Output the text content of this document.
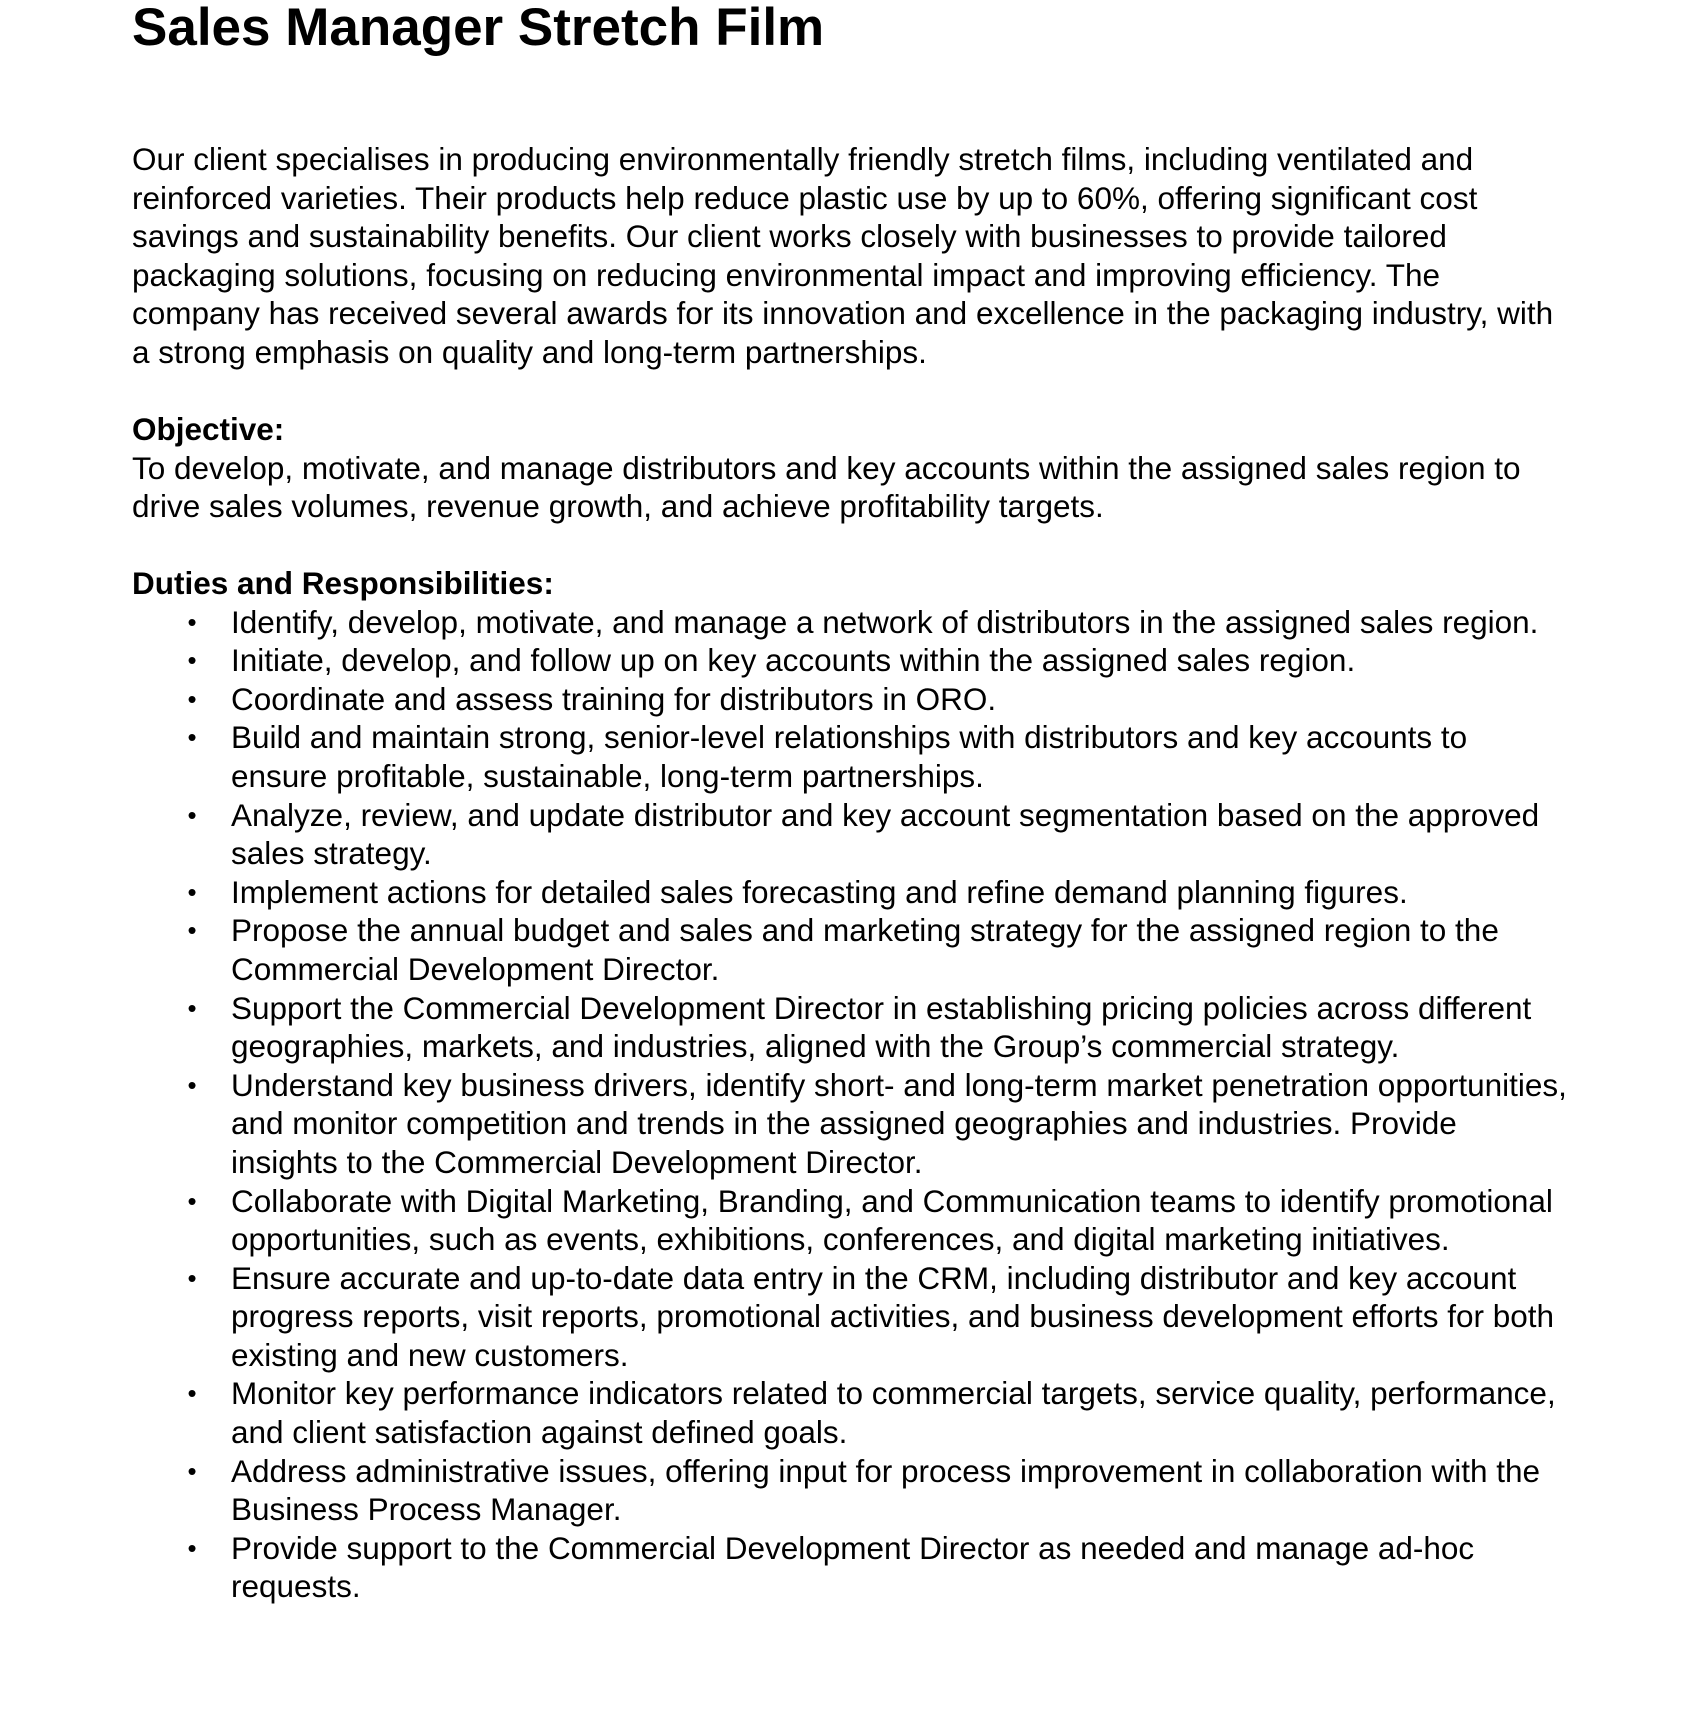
Sales Manager Stretch Film

Our client specialises in producing environmentally friendly stretch films, including ventilated and reinforced varieties. Their products help reduce plastic use by up to 60%, offering significant cost savings and sustainability benefits. Our client works closely with businesses to provide tailored packaging solutions, focusing on reducing environmental impact and improving efficiency. The company has received several awards for its innovation and excellence in the packaging industry, with a strong emphasis on quality and long-term partnerships.

Objective:

To develop, motivate, and manage distributors and key accounts within the assigned sales region to drive sales volumes, revenue growth, and achieve profitability targets.

Duties and Responsibilities:
• Identify, develop, motivate, and manage a network of distributors in the assigned sales region.
• Initiate, develop, and follow up on key accounts within the assigned sales region.
• Coordinate and assess training for distributors in ORO.
• Build and maintain strong, senior-level relationships with distributors and key accounts to ensure profitable, sustainable, long-term partnerships.
• Analyze, review, and update distributor and key account segmentation based on the approved sales strategy.
• Implement actions for detailed sales forecasting and refine demand planning figures.
• Propose the annual budget and sales and marketing strategy for the assigned region to the Commercial Development Director.
• Support the Commercial Development Director in establishing pricing policies across different geographies, markets, and industries, aligned with the Group’s commercial strategy.
• Understand key business drivers, identify short- and long-term market penetration opportunities, and monitor competition and trends in the assigned geographies and industries. Provide insights to the Commercial Development Director.
• Collaborate with Digital Marketing, Branding, and Communication teams to identify promotional opportunities, such as events, exhibitions, conferences, and digital marketing initiatives.
• Ensure accurate and up-to-date data entry in the CRM, including distributor and key account progress reports, visit reports, promotional activities, and business development efforts for both existing and new customers.
• Monitor key performance indicators related to commercial targets, service quality, performance, and client satisfaction against defined goals.
• Address administrative issues, offering input for process improvement in collaboration with the Business Process Manager.
• Provide support to the Commercial Development Director as needed and manage ad-hoc requests.
